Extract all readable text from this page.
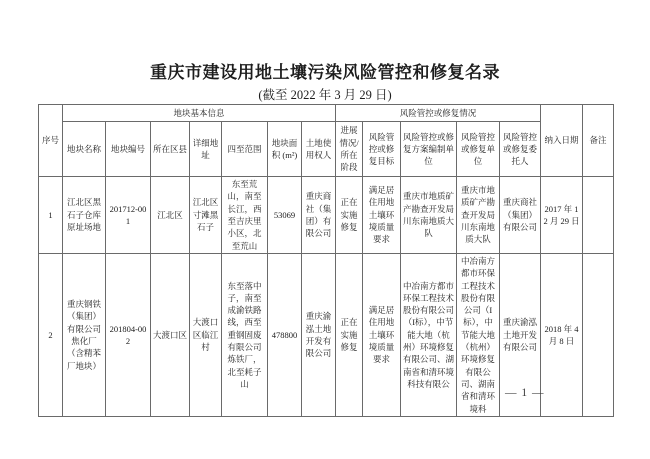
重庆市建设用地土壤污染风险管控和修复名录
(截至 2022 年 3 月 29 日)
序号	地块基本信息							风险管控或修复情况					纳入日期	备注
	地块名称	地块编号	所在区县	详细地址	四至范围	地块面积 (m²)	土地使用权人	进展情况/所在阶段	风险管控或修复目标	风险管控或修复方案编制单位	风险管控或修复单位	风险管控或修复委托人		
1	江北区黑石子仓库原址场地	201712-001	江北区	江北区寸滩黑石子	东至荒山，南至长江，西至吉庆里小区，北至荒山	53069	重庆商社（集团）有限公司	正在实施修复	满足居住用地土壤环境质量要求	重庆市地质矿产勘查开发局川东南地质大队	重庆市地质矿产勘查开发局川东南地质大队	重庆商社（集团）有限公司	2017 年 12 月 29 日	
2	重庆钢铁（集团）有限公司焦化厂（含精苯厂地块）	201804-002	大渡口区	大渡口区临江村	东至落中子，南至成渝铁路线，西至重钢固废有限公司炼铁厂，北至耗子山	478800	重庆渝泓土地开发有限公司	正在实施修复	满足居住用地土壤环境质量要求	中冶南方都市环保工程技术股份有限公司（I标），中节能大地（杭州）环境修复有限公司、湖南省和清环境科技有限公	中冶南方都市环保工程技术股份有限公司（I标），中节能大地（杭州）环境修复有限公司、湖南省和清环境科	重庆渝泓土地开发有限公司	2018 年 4 月 8 日	
— 1 —
